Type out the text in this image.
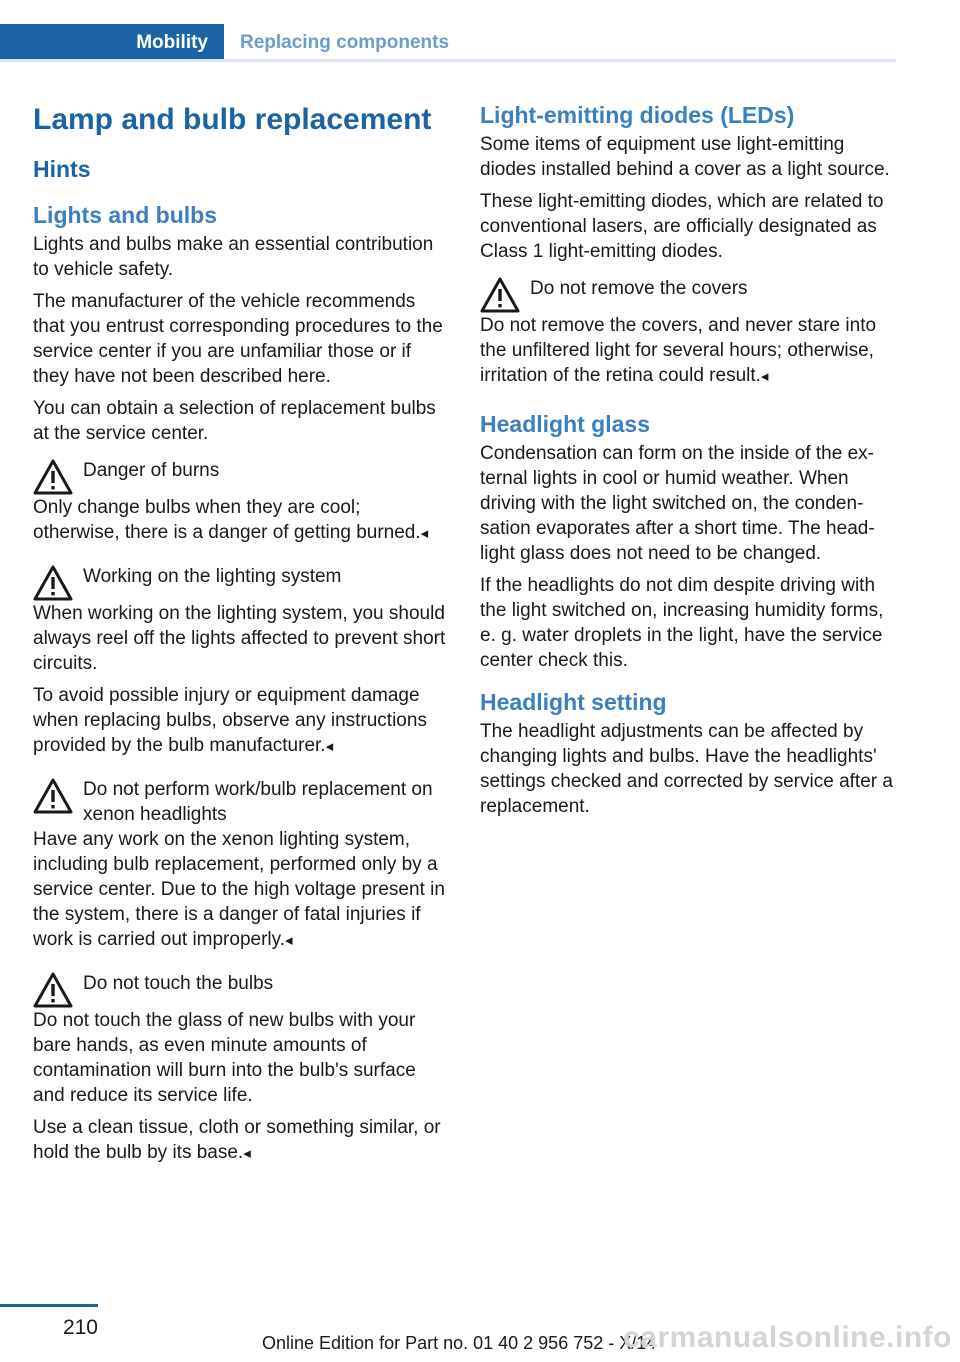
Mobility	Replacing components
Lamp and bulb replacement
Hints
Lights and bulbs

Lights and bulbs make an essential contribution to vehicle safety.

The manufacturer of the vehicle recommends that you entrust corresponding procedures to the service center if you are unfamiliar those or if they have not been described here.

You can obtain a selection of replacement bulbs at the service center.

Danger of burns

Only change bulbs when they are cool; otherwise, there is a danger of getting burned.◂

Working on the lighting system

When working on the lighting system, you should always reel off the lights affected to prevent short circuits.

To avoid possible injury or equipment damage when replacing bulbs, observe any instructions provided by the bulb manufacturer.◂

Do not perform work/bulb replacement on xenon headlights

Have any work on the xenon lighting system, including bulb replacement, performed only by a service center. Due to the high voltage present in the system, there is a danger of fatal injuries if work is carried out improperly.◂

Do not touch the bulbs

Do not touch the glass of new bulbs with your bare hands, as even minute amounts of contamination will burn into the bulb's surface and reduce its service life.

Use a clean tissue, cloth or something similar, or hold the bulb by its base.◂

Light-emitting diodes (LEDs)

Some items of equipment use light-emitting diodes installed behind a cover as a light source.

These light-emitting diodes, which are related to conventional lasers, are officially designated as Class 1 light-emitting diodes.

Do not remove the covers

Do not remove the covers, and never stare into the unfiltered light for several hours; otherwise, irritation of the retina could result.◂

Headlight glass

Condensation can form on the inside of the external lights in cool or humid weather. When driving with the light switched on, the condensation evaporates after a short time. The headlight glass does not need to be changed.

If the headlights do not dim despite driving with the light switched on, increasing humidity forms, e. g. water droplets in the light, have the service center check this.

Headlight setting

The headlight adjustments can be affected by changing lights and bulbs. Have the headlights' settings checked and corrected by service after a replacement.

210
Online Edition for Part no. 01 40 2 956 752 - X/14
carmanualsonline.info
